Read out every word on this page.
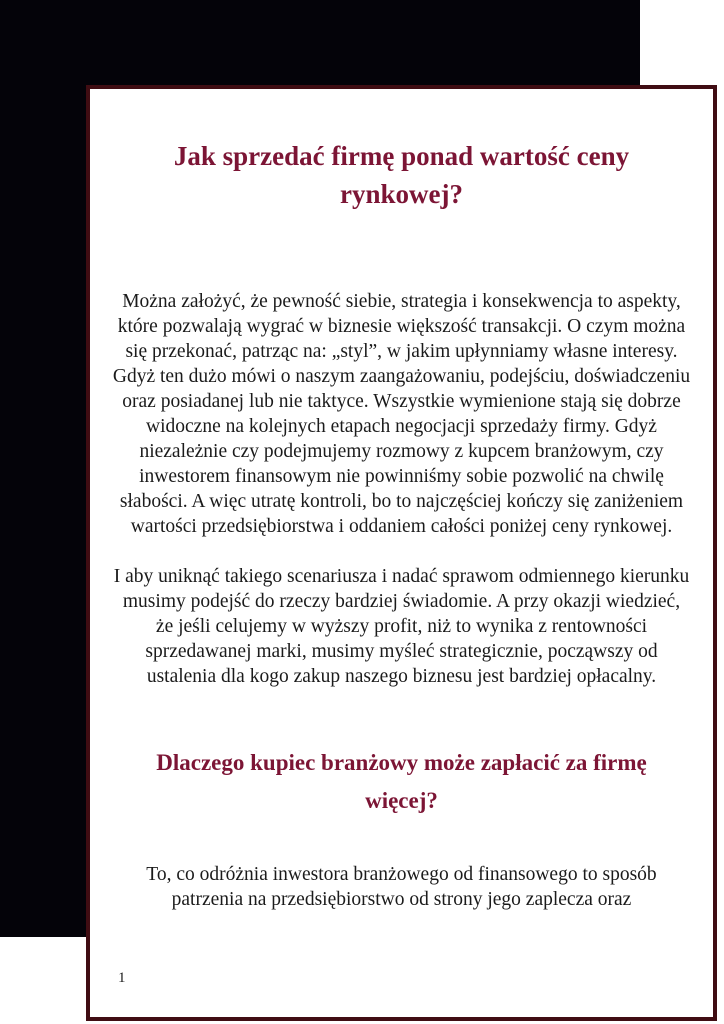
Jak sprzedać firmę ponad wartość ceny rynkowej?

Można założyć, że pewność siebie, strategia i konsekwencja to aspekty, które pozwalają wygrać w biznesie większość transakcji. O czym można się przekonać, patrząc na: „styl”, w jakim upłynniamy własne interesy. Gdyż ten dużo mówi o naszym zaangażowaniu, podejściu, doświadczeniu oraz posiadanej lub nie taktyce. Wszystkie wymienione stają się dobrze widoczne na kolejnych etapach negocjacji sprzedaży firmy. Gdyż niezależnie czy podejmujemy rozmowy z kupcem branżowym, czy inwestorem finansowym nie powinniśmy sobie pozwolić na chwilę słabości. A więc utratę kontroli, bo to najczęściej kończy się zaniżeniem wartości przedsiębiorstwa i oddaniem całości poniżej ceny rynkowej.

I aby uniknąć takiego scenariusza i nadać sprawom odmiennego kierunku musimy podejść do rzeczy bardziej świadomie. A przy okazji wiedzieć, że jeśli celujemy w wyższy profit, niż to wynika z rentowności sprzedawanej marki, musimy myśleć strategicznie, począwszy od ustalenia dla kogo zakup naszego biznesu jest bardziej opłacalny.

Dlaczego kupiec branżowy może zapłacić za firmę więcej?

To, co odróżnia inwestora branżowego od finansowego to sposób patrzenia na przedsiębiorstwo od strony jego zaplecza oraz

1
